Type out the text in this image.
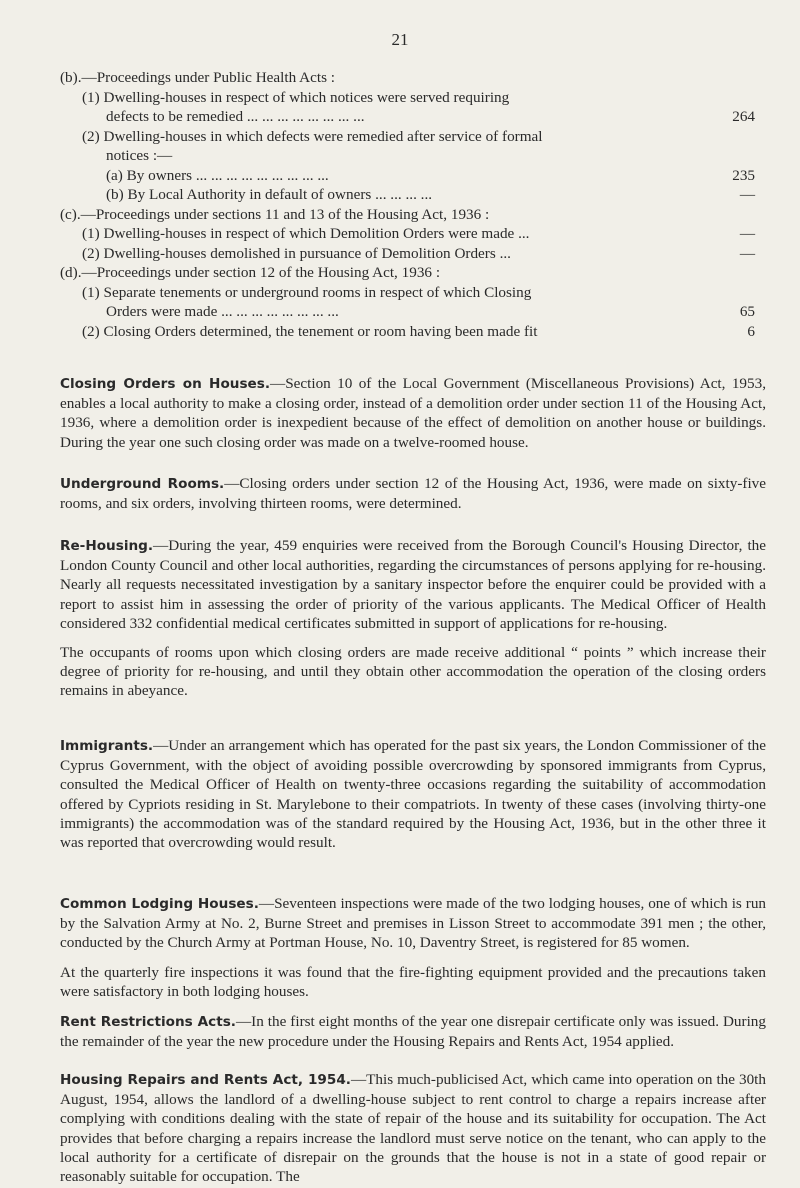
21
(b).—Proceedings under Public Health Acts :
(1) Dwelling-houses in respect of which notices were served requiring
defects to be remedied ... ... ... ... ... ... ... ...	264
(2) Dwelling-houses in which defects were remedied after service of formal
notices :—
(a) By owners ... ... ... ... ... ... ... ... ...	235
(b) By Local Authority in default of owners ... ... ... ...	—
(c).—Proceedings under sections 11 and 13 of the Housing Act, 1936 :
(1) Dwelling-houses in respect of which Demolition Orders were made ...	—
(2) Dwelling-houses demolished in pursuance of Demolition Orders ...	—
(d).—Proceedings under section 12 of the Housing Act, 1936 :
(1) Separate tenements or underground rooms in respect of which Closing
Orders were made ... ... ... ... ... ... ... ...	65
(2) Closing Orders determined, the tenement or room having been made fit	6

Closing Orders on Houses.—Section 10 of the Local Government (Miscellaneous Provisions) Act, 1953, enables a local authority to make a closing order, instead of a demolition order under section 11 of the Housing Act, 1936, where a demolition order is inexpedient because of the effect of demolition on another house or buildings. During the year one such closing order was made on a twelve-roomed house.

Underground Rooms.—Closing orders under section 12 of the Housing Act, 1936, were made on sixty-five rooms, and six orders, involving thirteen rooms, were determined.

Re-Housing.—During the year, 459 enquiries were received from the Borough Council's Housing Director, the London County Council and other local authorities, regarding the circumstances of persons applying for re-housing. Nearly all requests necessitated investigation by a sanitary inspector before the enquirer could be provided with a report to assist him in assessing the order of priority of the various applicants. The Medical Officer of Health considered 332 confidential medical certificates submitted in support of applications for re-housing.

The occupants of rooms upon which closing orders are made receive additional “ points ” which increase their degree of priority for re-housing, and until they obtain other accommodation the operation of the closing orders remains in abeyance.

Immigrants.—Under an arrangement which has operated for the past six years, the London Commissioner of the Cyprus Government, with the object of avoiding possible overcrowding by sponsored immigrants from Cyprus, consulted the Medical Officer of Health on twenty-three occasions regarding the suitability of accommodation offered by Cypriots residing in St. Marylebone to their compatriots. In twenty of these cases (involving thirty-one immigrants) the accommodation was of the standard required by the Housing Act, 1936, but in the other three it was reported that overcrowding would result.

Common Lodging Houses.—Seventeen inspections were made of the two lodging houses, one of which is run by the Salvation Army at No. 2, Burne Street and premises in Lisson Street to accommodate 391 men ; the other, conducted by the Church Army at Portman House, No. 10, Daventry Street, is registered for 85 women.

At the quarterly fire inspections it was found that the fire-fighting equipment provided and the precautions taken were satisfactory in both lodging houses.

Rent Restrictions Acts.—In the first eight months of the year one disrepair certificate only was issued. During the remainder of the year the new procedure under the Housing Repairs and Rents Act, 1954 applied.

Housing Repairs and Rents Act, 1954.—This much-publicised Act, which came into operation on the 30th August, 1954, allows the landlord of a dwelling-house subject to rent control to charge a repairs increase after complying with conditions dealing with the state of repair of the house and its suitability for occupation. The Act provides that before charging a repairs increase the landlord must serve notice on the tenant, who can apply to the local authority for a certificate of disrepair on the grounds that the house is not in a state of good repair or reasonably suitable for occupation. The
